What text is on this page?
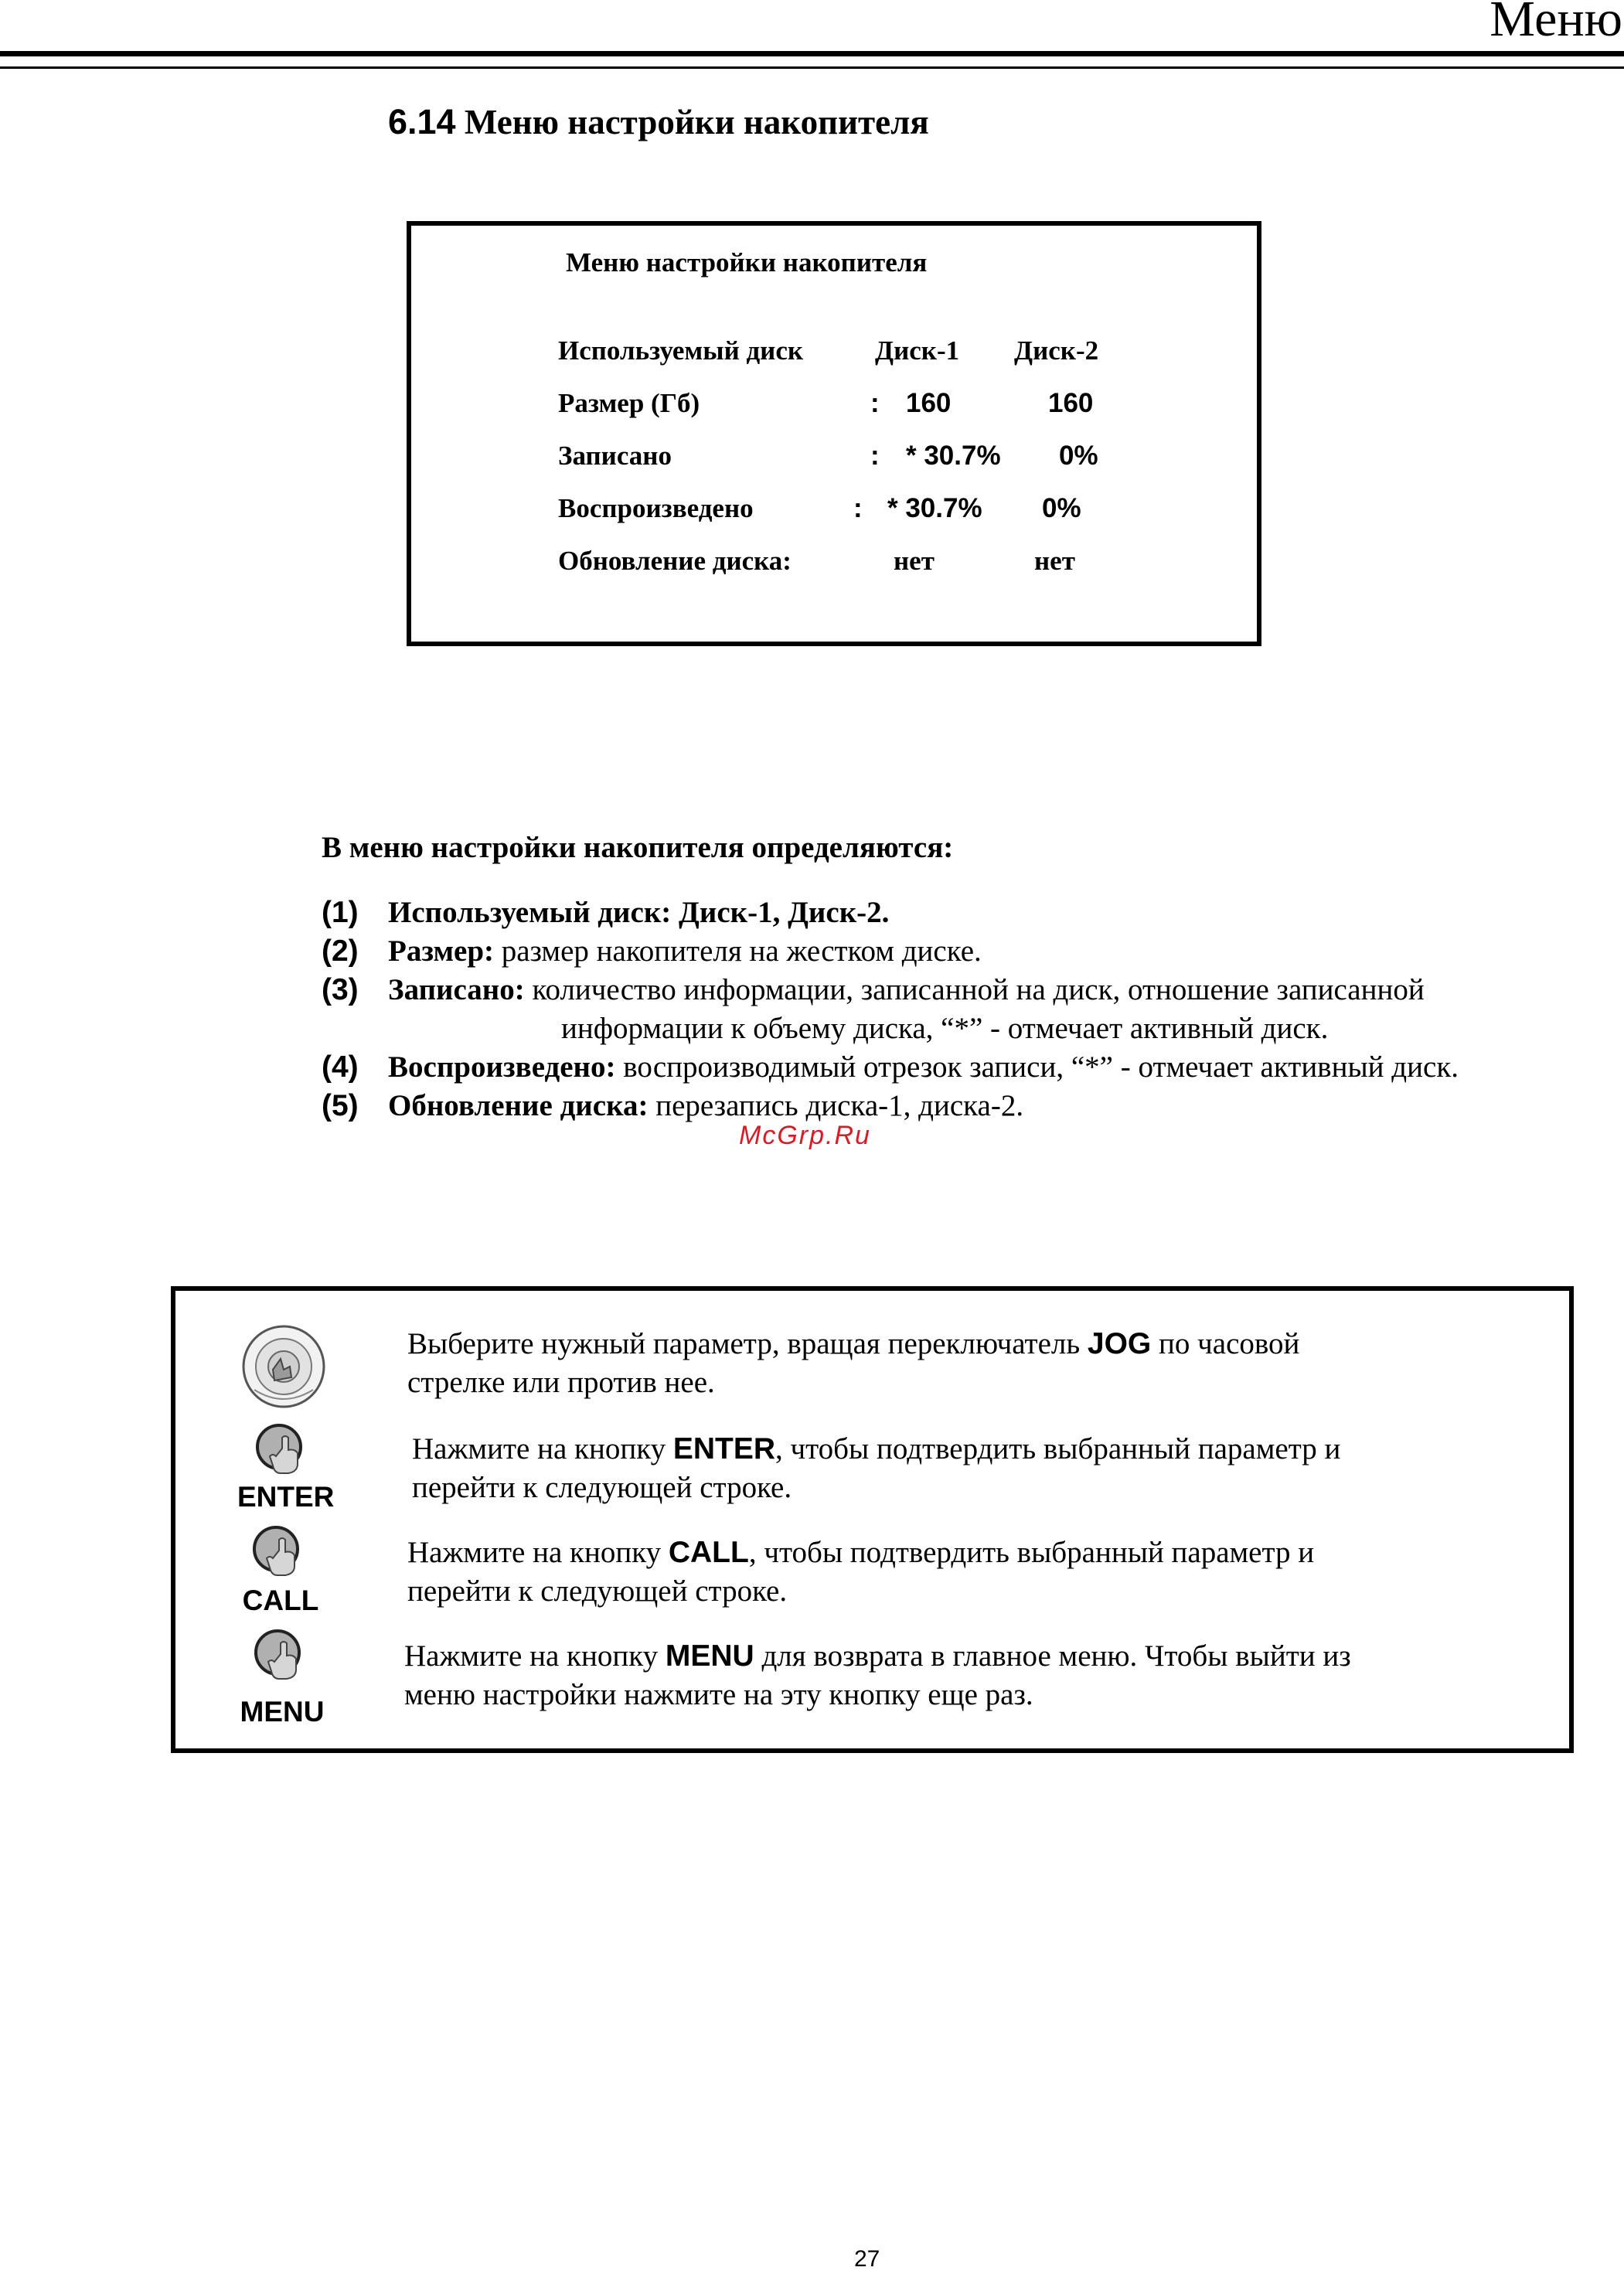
Меню
6.14 Меню настройки накопителя
Меню настройки накопителя
Используемый диск	Диск-1 Диск-2
Размер (Гб)	: 160	160
Записано	: * 30.7% 0%
Воспроизведено	: * 30.7% 0%
Обновление диска:	нет	нет
В меню настройки накопителя определяются:
(1) Используемый диск: Диск-1, Диск-2.
(2) Размер: размер накопителя на жестком диске.
(3) Записано: количество информации, записанной на диск, отношение записанной
информации к объему диска, “*” - отмечает активный диск.
(4) Воспроизведено: воспроизводимый отрезок записи, “*” - отмечает активный диск.
(5) Обновление диска: перезапись диска-1, диска-2.
McGrp.Ru
Выберите нужный параметр, вращая переключатель JOG по часовой
стрелке или против нее.
ENTER
Нажмите на кнопку ENTER, чтобы подтвердить выбранный параметр и
перейти к следующей строке.
CALL
Нажмите на кнопку CALL, чтобы подтвердить выбранный параметр и
перейти к следующей строке.
MENU
Нажмите на кнопку MENU для возврата в главное меню. Чтобы выйти из
меню настройки нажмите на эту кнопку еще раз.
27
